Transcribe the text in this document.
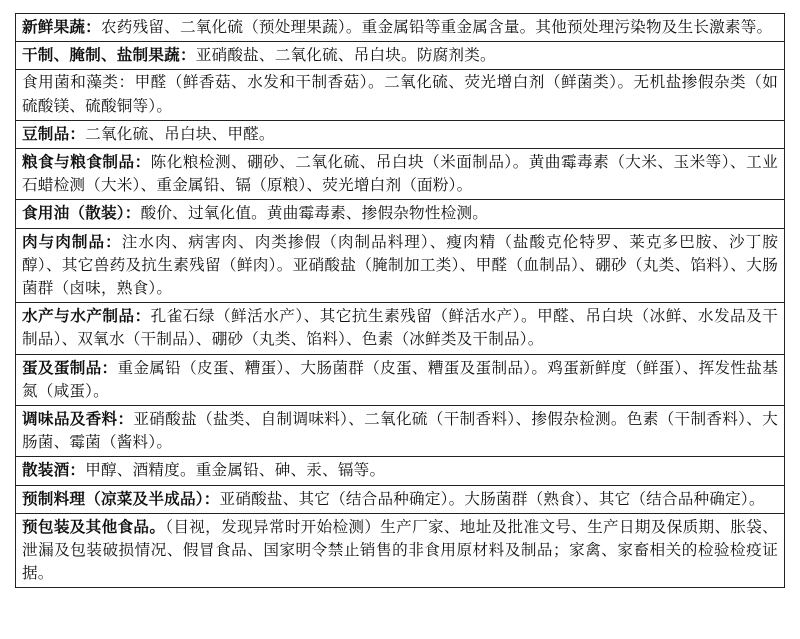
新鲜果蔬：农药残留、二氧化硫（预处理果蔬）。重金属铅等重金属含量。其他预处理污染物及生长激素等。
干制、腌制、盐制果蔬：亚硝酸盐、二氧化硫、吊白块。防腐剂类。
食用菌和藻类：甲醛（鲜香菇、水发和干制香菇）。二氧化硫、荧光增白剂（鲜菌类）。无机盐掺假杂类（如硫酸镁、硫酸铜等）。
豆制品：二氧化硫、吊白块、甲醛。
粮食与粮食制品：陈化粮检测、硼砂、二氧化硫、吊白块（米面制品）。黄曲霉毒素（大米、玉米等）、工业石蜡检测（大米）、重金属铅、镉（原粮）、荧光增白剂（面粉）。
食用油（散装）：酸价、过氧化值。黄曲霉毒素、掺假杂物性检测。
肉与肉制品：注水肉、病害肉、肉类掺假（肉制品料理）、瘦肉精（盐酸克伦特罗、莱克多巴胺、沙丁胺醇）、其它兽药及抗生素残留（鲜肉）。亚硝酸盐（腌制加工类）、甲醛（血制品）、硼砂（丸类、馅料）、大肠菌群（卤味，熟食）。
水产与水产制品：孔雀石绿（鲜活水产）、其它抗生素残留（鲜活水产）。甲醛、吊白块（冰鲜、水发品及干制品）、双氧水（干制品）、硼砂（丸类、馅料）、色素（冰鲜类及干制品）。
蛋及蛋制品：重金属铅（皮蛋、糟蛋）、大肠菌群（皮蛋、糟蛋及蛋制品）。鸡蛋新鲜度（鲜蛋）、挥发性盐基氮（咸蛋）。
调味品及香料：亚硝酸盐（盐类、自制调味料）、二氧化硫（干制香料）、掺假杂检测。色素（干制香料）、大肠菌、霉菌（酱料）。
散装酒：甲醇、酒精度。重金属铅、砷、汞、镉等。
预制料理（凉菜及半成品）：亚硝酸盐、其它（结合品种确定）。大肠菌群（熟食）、其它（结合品种确定）。
预包装及其他食品。（目视，发现异常时开始检测）生产厂家、地址及批准文号、生产日期及保质期、胀袋、泄漏及包装破损情况、假冒食品、国家明令禁止销售的非食用原材料及制品；家禽、家畜相关的检验检疫证据。
